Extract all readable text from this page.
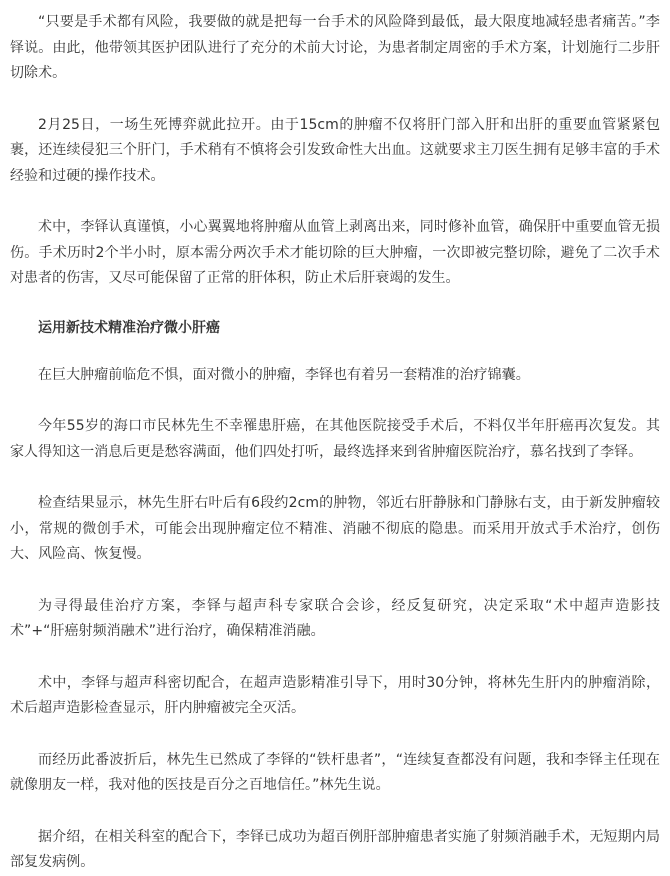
“只要是手术都有风险，我要做的就是把每一台手术的风险降到最低，最大限度地减轻患者痛苦。”李铎说。由此，他带领其医护团队进行了充分的术前大讨论，为患者制定周密的手术方案，计划施行二步肝切除术。

2月25日，一场生死博弈就此拉开。由于15cm的肿瘤不仅将肝门部入肝和出肝的重要血管紧紧包裹，还连续侵犯三个肝门，手术稍有不慎将会引发致命性大出血。这就要求主刀医生拥有足够丰富的手术经验和过硬的操作技术。

术中，李铎认真谨慎，小心翼翼地将肿瘤从血管上剥离出来，同时修补血管，确保肝中重要血管无损伤。手术历时2个半小时，原本需分两次手术才能切除的巨大肿瘤，一次即被完整切除，避免了二次手术对患者的伤害，又尽可能保留了正常的肝体积，防止术后肝衰竭的发生。

运用新技术精准治疗微小肝癌

在巨大肿瘤前临危不惧，面对微小的肿瘤，李铎也有着另一套精准的治疗锦囊。

今年55岁的海口市民林先生不幸罹患肝癌，在其他医院接受手术后，不料仅半年肝癌再次复发。其家人得知这一消息后更是愁容满面，他们四处打听，最终选择来到省肿瘤医院治疗，慕名找到了李铎。

检查结果显示，林先生肝右叶后有6段约2cm的肿物，邻近右肝静脉和门静脉右支，由于新发肿瘤较小，常规的微创手术，可能会出现肿瘤定位不精准、消融不彻底的隐患。而采用开放式手术治疗，创伤大、风险高、恢复慢。

为寻得最佳治疗方案，李铎与超声科专家联合会诊，经反复研究，决定采取“术中超声造影技术”+“肝癌射频消融术”进行治疗，确保精准消融。

术中，李铎与超声科密切配合，在超声造影精准引导下，用时30分钟，将林先生肝内的肿瘤消除，术后超声造影检查显示，肝内肿瘤被完全灭活。

而经历此番波折后，林先生已然成了李铎的“铁杆患者”，“连续复查都没有问题，我和李铎主任现在就像朋友一样，我对他的医技是百分之百地信任。”林先生说。

据介绍，在相关科室的配合下，李铎已成功为超百例肝部肿瘤患者实施了射频消融手术，无短期内局部复发病例。
